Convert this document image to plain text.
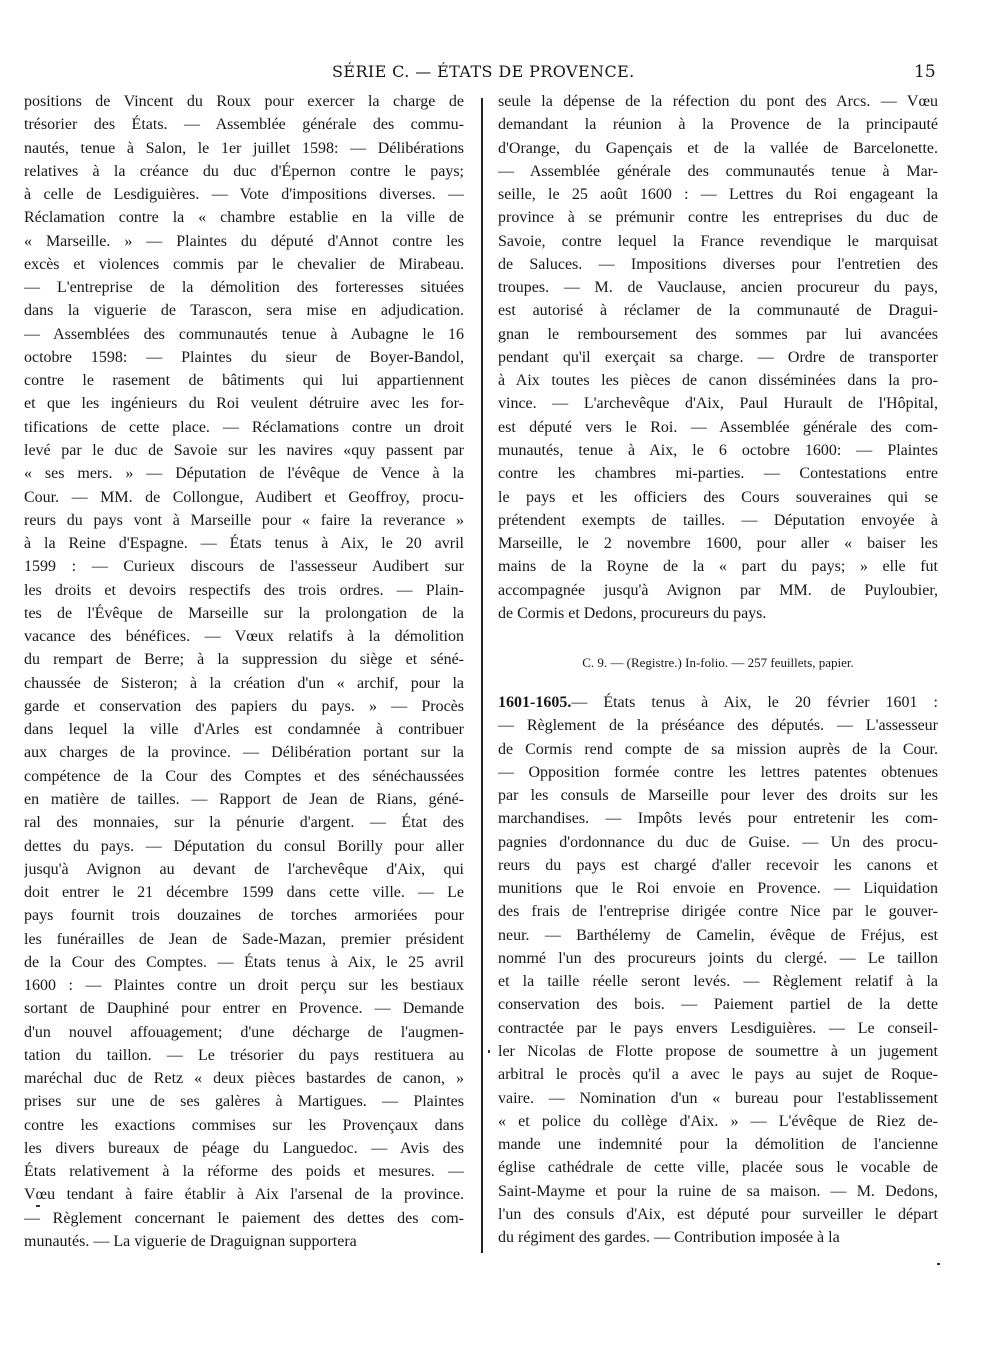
SÉRIE C. — ÉTATS DE PROVENCE.	15
positions de Vincent du Roux pour exercer la charge de
trésorier des États. — Assemblée générale des commu-
nautés, tenue à Salon, le 1er juillet 1598: — Délibérations
relatives à la créance du duc d'Épernon contre le pays;
à celle de Lesdiguières. — Vote d'impositions diverses. —
Réclamation contre la « chambre establie en la ville de
« Marseille. » — Plaintes du député d'Annot contre les
excès et violences commis par le chevalier de Mirabeau.
— L'entreprise de la démolition des forteresses situées
dans la viguerie de Tarascon, sera mise en adjudication.
— Assemblées des communautés tenue à Aubagne le 16
octobre 1598: — Plaintes du sieur de Boyer-Bandol,
contre le rasement de bâtiments qui lui appartiennent
et que les ingénieurs du Roi veulent détruire avec les for-
tifications de cette place. — Réclamations contre un droit
levé par le duc de Savoie sur les navires «quy passent par
« ses mers. » — Députation de l'évêque de Vence à la
Cour. — MM. de Collongue, Audibert et Geoffroy, procu-
reurs du pays vont à Marseille pour « faire la reverance »
à la Reine d'Espagne. — États tenus à Aix, le 20 avril
1599 : — Curieux discours de l'assesseur Audibert sur
les droits et devoirs respectifs des trois ordres. — Plain-
tes de l'Évêque de Marseille sur la prolongation de la
vacance des bénéfices. — Vœux relatifs à la démolition
du rempart de Berre; à la suppression du siège et séné-
chaussée de Sisteron; à la création d'un « archif, pour la
garde et conservation des papiers du pays. » — Procès
dans lequel la ville d'Arles est condamnée à contribuer
aux charges de la province. — Délibération portant sur la
compétence de la Cour des Comptes et des sénéchaussées
en matière de tailles. — Rapport de Jean de Rians, géné-
ral des monnaies, sur la pénurie d'argent. — État des
dettes du pays. — Députation du consul Borilly pour aller
jusqu'à Avignon au devant de l'archevêque d'Aix, qui
doit entrer le 21 décembre 1599 dans cette ville. — Le
pays fournit trois douzaines de torches armoriées pour
les funérailles de Jean de Sade-Mazan, premier président
de la Cour des Comptes. — États tenus à Aix, le 25 avril
1600 : — Plaintes contre un droit perçu sur les bestiaux
sortant de Dauphiné pour entrer en Provence. — Demande
d'un nouvel affouagement; d'une décharge de l'augmen-
tation du taillon. — Le trésorier du pays restituera au
maréchal duc de Retz « deux pièces bastardes de canon, »
prises sur une de ses galères à Martigues. — Plaintes
contre les exactions commises sur les Provençaux dans
les divers bureaux de péage du Languedoc. — Avis des
États relativement à la réforme des poids et mesures. —
Vœu tendant à faire établir à Aix l'arsenal de la province.
— Règlement concernant le paiement des dettes des com-
munautés. — La viguerie de Draguignan supportera
seule la dépense de la réfection du pont des Arcs. — Vœu
demandant la réunion à la Provence de la principauté
d'Orange, du Gapençais et de la vallée de Barcelonette.
— Assemblée générale des communautés tenue à Mar-
seille, le 25 août 1600 : — Lettres du Roi engageant la
province à se prémunir contre les entreprises du duc de
Savoie, contre lequel la France revendique le marquisat
de Saluces. — Impositions diverses pour l'entretien des
troupes. — M. de Vauclause, ancien procureur du pays,
est autorisé à réclamer de la communauté de Dragui-
gnan le remboursement des sommes par lui avancées
pendant qu'il exerçait sa charge. — Ordre de transporter
à Aix toutes les pièces de canon disséminées dans la pro-
vince. — L'archevêque d'Aix, Paul Hurault de l'Hôpital,
est député vers le Roi. — Assemblée générale des com-
munautés, tenue à Aix, le 6 octobre 1600: — Plaintes
contre les chambres mi-parties. — Contestations entre
le pays et les officiers des Cours souveraines qui se
prétendent exempts de tailles. — Députation envoyée à
Marseille, le 2 novembre 1600, pour aller « baiser les
mains de la Royne de la « part du pays; » elle fut
accompagnée jusqu'à Avignon par MM. de Puyloubier,
de Cormis et Dedons, procureurs du pays.
C. 9. — (Registre.) In-folio. — 257 feuillets, papier.
1601-1605.— États tenus à Aix, le 20 février 1601 :
— Règlement de la préséance des députés. — L'assesseur
de Cormis rend compte de sa mission auprès de la Cour.
— Opposition formée contre les lettres patentes obtenues
par les consuls de Marseille pour lever des droits sur les
marchandises. — Impôts levés pour entretenir les com-
pagnies d'ordonnance du duc de Guise. — Un des procu-
reurs du pays est chargé d'aller recevoir les canons et
munitions que le Roi envoie en Provence. — Liquidation
des frais de l'entreprise dirigée contre Nice par le gouver-
neur. — Barthélemy de Camelin, évêque de Fréjus, est
nommé l'un des procureurs joints du clergé. — Le taillon
et la taille réelle seront levés. — Règlement relatif à la
conservation des bois. — Paiement partiel de la dette
contractée par le pays envers Lesdiguières. — Le conseil-
ler Nicolas de Flotte propose de soumettre à un jugement
arbitral le procès qu'il a avec le pays au sujet de Roque-
vaire. — Nomination d'un « bureau pour l'establissement
« et police du collège d'Aix. » — L'évêque de Riez de-
mande une indemnité pour la démolition de l'ancienne
église cathédrale de cette ville, placée sous le vocable de
Saint-Mayme et pour la ruine de sa maison. — M. Dedons,
l'un des consuls d'Aix, est député pour surveiller le départ
du régiment des gardes. — Contribution imposée à la
